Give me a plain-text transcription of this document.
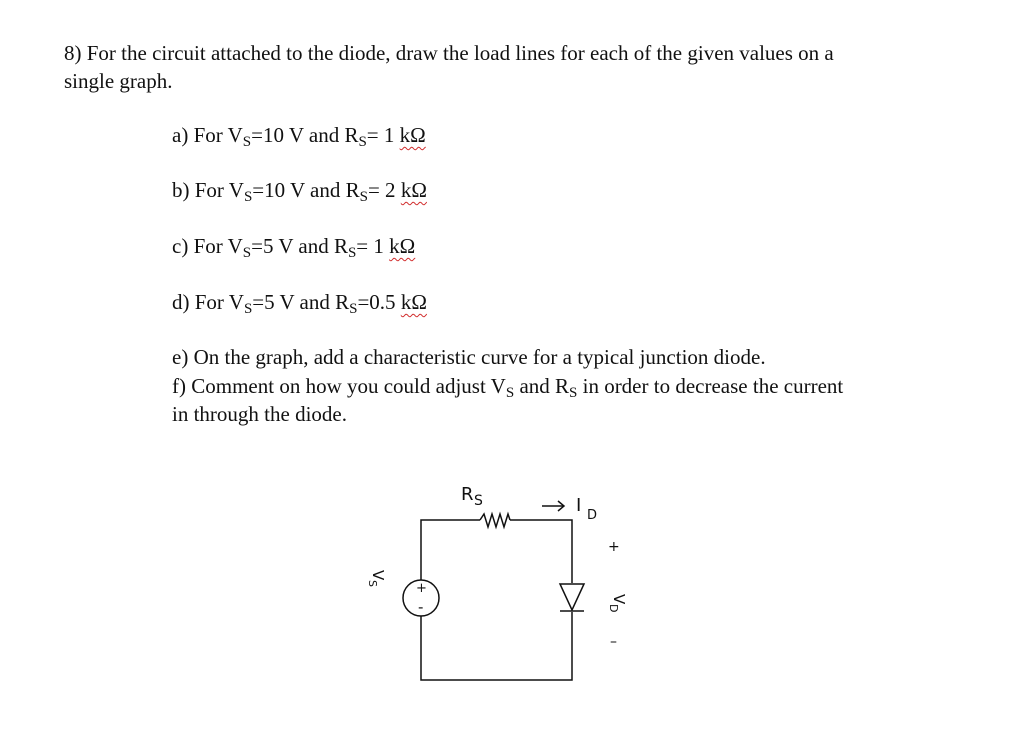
8) For the circuit attached to the diode, draw the load lines for each of the given values on a
single graph.
a) For VS=10 V and RS= 1 kΩ
b) For VS=10 V and RS= 2 kΩ
c) For VS=5 V and RS= 1 kΩ
d) For VS=5 V and RS=0.5 kΩ
e) On the graph, add a characteristic curve for a typical junction diode.
f) Comment on how you could adjust VS and RS in order to decrease the current
in through the diode.
+
-
R S	I D
+
–
V
D
V
S
